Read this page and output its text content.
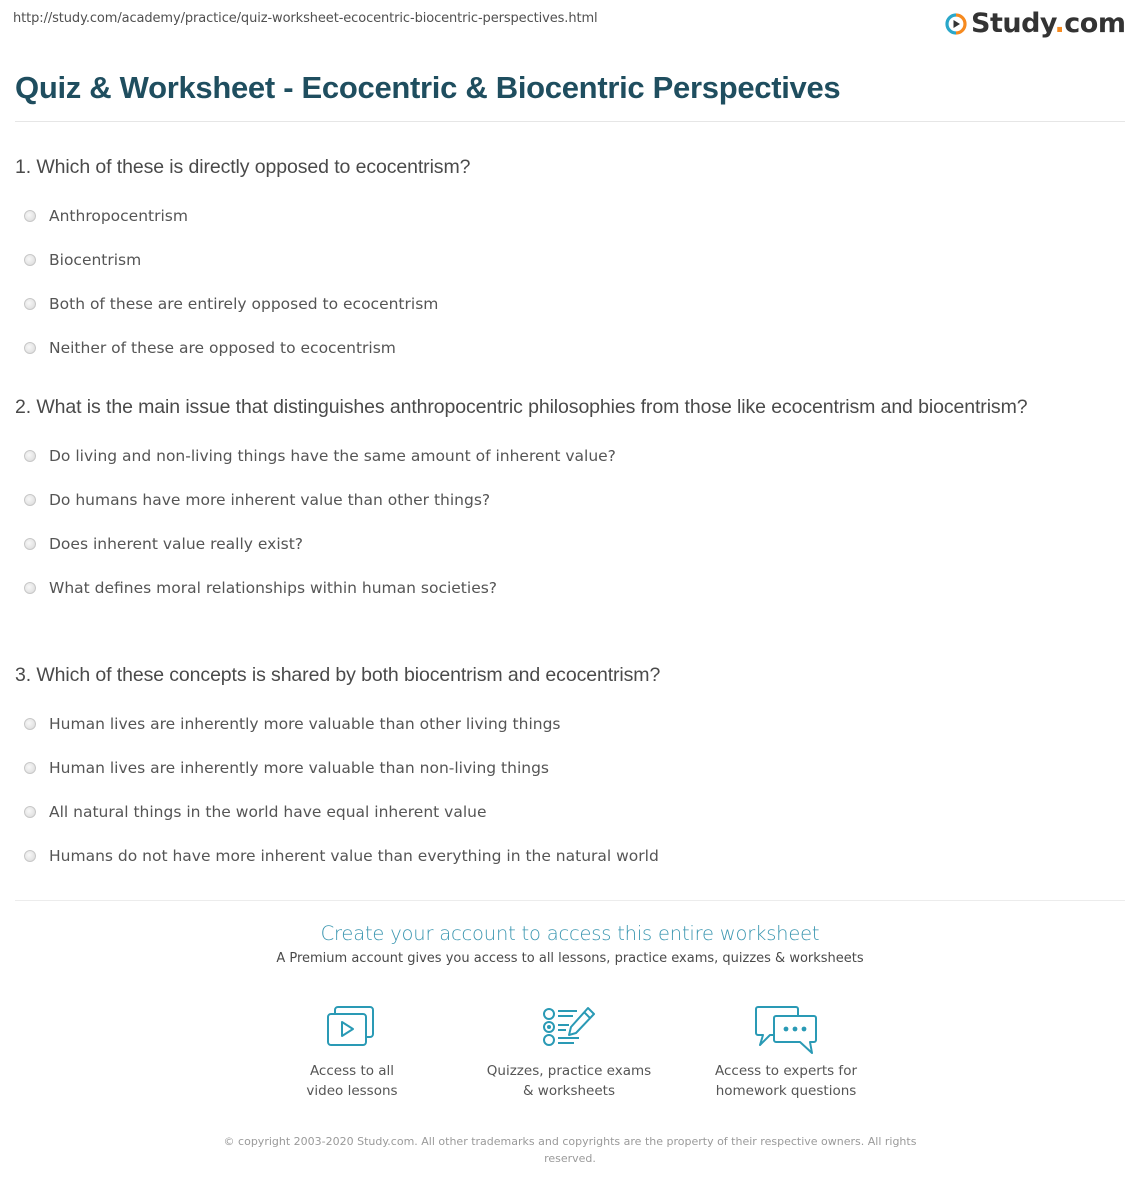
http://study.com/academy/practice/quiz-worksheet-ecocentric-biocentric-perspectives.html	Study.com
Quiz & Worksheet - Ecocentric & Biocentric Perspectives
1. Which of these is directly opposed to ecocentrism?
Anthropocentrism
Biocentrism
Both of these are entirely opposed to ecocentrism
Neither of these are opposed to ecocentrism
2. What is the main issue that distinguishes anthropocentric philosophies from those like ecocentrism and biocentrism?
Do living and non-living things have the same amount of inherent value?
Do humans have more inherent value than other things?
Does inherent value really exist?
What defines moral relationships within human societies?
3. Which of these concepts is shared by both biocentrism and ecocentrism?
Human lives are inherently more valuable than other living things
Human lives are inherently more valuable than non-living things
All natural things in the world have equal inherent value
Humans do not have more inherent value than everything in the natural world
Create your account to access this entire worksheet
A Premium account gives you access to all lessons, practice exams, quizzes & worksheets
Access to all
video lessons
Quizzes, practice exams
& worksheets
Access to experts for
homework questions
© copyright 2003-2020 Study.com. All other trademarks and copyrights are the property of their respective owners. All rights
reserved.
